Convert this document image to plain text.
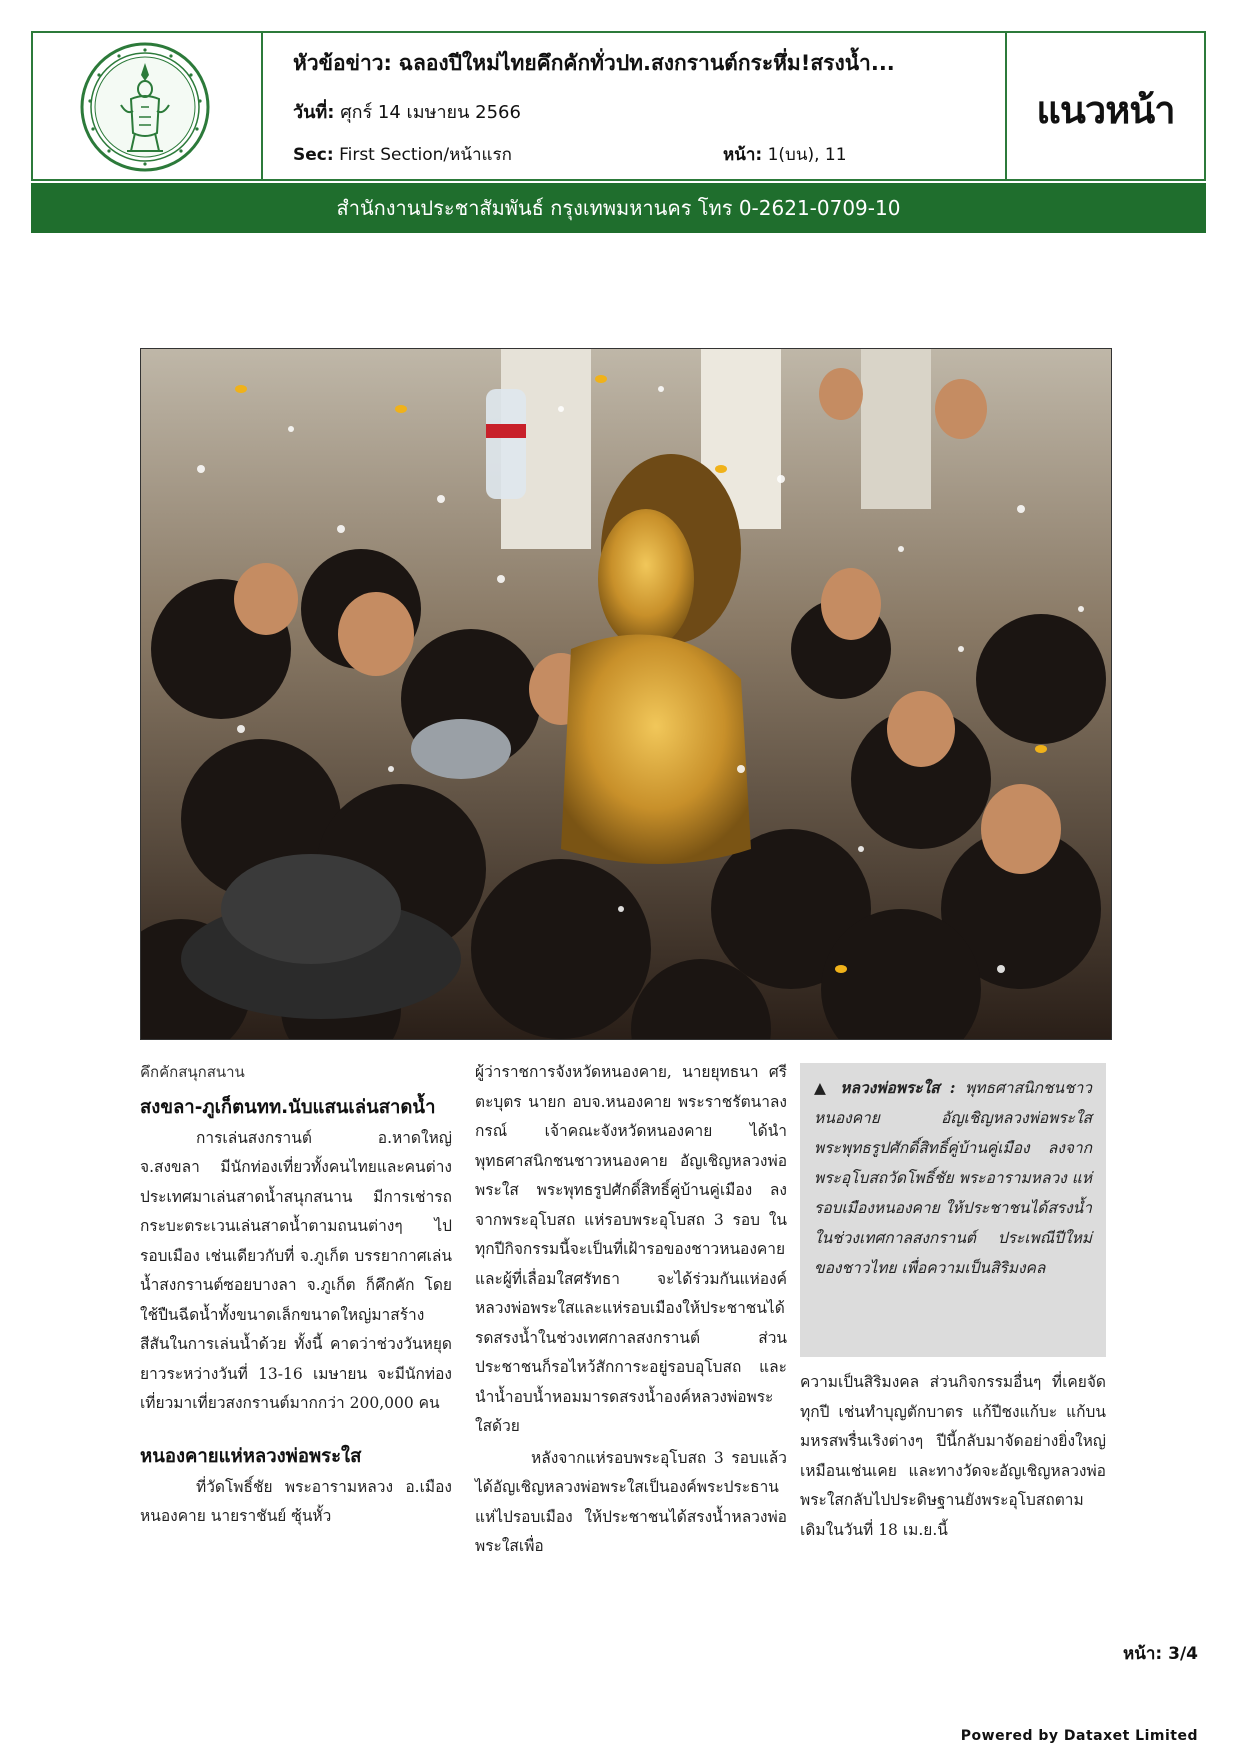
หัวข้อข่าว: ฉลองปีใหม่ไทยคึกคักทั่วปท.สงกรานต์กระหึ่ม!สรงน้ำ...
วันที่: ศุกร์ 14 เมษายน 2566
Sec: First Section/หน้าแรก	หน้า: 1(บน), 11
แนวหน้า
สำนักงานประชาสัมพันธ์ กรุงเทพมหานคร โทร 0-2621-0709-10

คึกคักสนุกสนาน

สงขลา-ภูเก็ตนทท.นับแสนเล่นสาดน้ำ

การเล่นสงกรานต์ อ.หาดใหญ่ จ.สงขลา มีนักท่องเที่ยวทั้งคนไทยและคนต่างประเทศมาเล่นสาดน้ำสนุกสนาน มีการเช่ารถกระบะตระเวนเล่นสาดน้ำตามถนนต่างๆ ไปรอบเมือง เช่นเดียวกับที่ จ.ภูเก็ต บรรยากาศเล่นน้ำสงกรานต์ซอยบางลา จ.ภูเก็ต ก็คึกคัก โดยใช้ปืนฉีดน้ำทั้งขนาดเล็กขนาดใหญ่มาสร้างสีสันในการเล่นน้ำด้วย ทั้งนี้ คาดว่าช่วงวันหยุดยาวระหว่างวันที่ 13-16 เมษายน จะมีนักท่องเที่ยวมาเที่ยวสงกรานต์มากกว่า 200,000 คน

หนองคายแห่หลวงพ่อพระใส

ที่วัดโพธิ์ชัย พระอารามหลวง อ.เมืองหนองคาย นายราชันย์ ซุ้นหั้ว

ผู้ว่าราชการจังหวัดหนองคาย, นายยุทธนา ศรีตะบุตร นายก อบจ.หนองคาย พระราชรัตนาลงกรณ์ เจ้าคณะจังหวัดหนองคาย ได้นำพุทธศาสนิกชนชาวหนองคาย อัญเชิญหลวงพ่อพระใส พระพุทธรูปศักดิ์สิทธิ์คู่บ้านคู่เมือง ลงจากพระอุโบสถ แห่รอบพระอุโบสถ 3 รอบ ในทุกปีกิจกรรมนี้จะเป็นที่เฝ้ารอของชาวหนองคายและผู้ที่เลื่อมใสศรัทธา จะได้ร่วมกันแห่องค์หลวงพ่อพระใสและแห่รอบเมืองให้ประชาชนได้รดสรงน้ำในช่วงเทศกาลสงกรานต์ ส่วนประชาชนก็รอไหว้สักการะอยู่รอบอุโบสถ และนำน้ำอบน้ำหอมมารดสรงน้ำองค์หลวงพ่อพระใสด้วย

หลังจากแห่รอบพระอุโบสถ 3 รอบแล้ว ได้อัญเชิญหลวงพ่อพระใสเป็นองค์พระประธานแห่ไปรอบเมือง ให้ประชาชนได้สรงน้ำหลวงพ่อพระใสเพื่อ

▲ หลวงพ่อพระใส : พุทธศาสนิกชนชาวหนองคาย อัญเชิญหลวงพ่อพระใส พระพุทธรูปศักดิ์สิทธิ์คู่บ้านคู่เมือง ลงจากพระอุโบสถวัดโพธิ์ชัย พระอารามหลวง แห่รอบเมืองหนองคาย ให้ประชาชนได้สรงน้ำในช่วงเทศกาลสงกรานต์ ประเพณีปีใหม่ของชาวไทย เพื่อความเป็นสิริมงคล

ความเป็นสิริมงคล ส่วนกิจกรรมอื่นๆ ที่เคยจัดทุกปี เช่นทำบุญตักบาตร แก้ปีชงแก้บะ แก้บน มหรสพรื่นเริงต่างๆ ปีนี้กลับมาจัดอย่างยิ่งใหญ่เหมือนเช่นเคย และทางวัดจะอัญเชิญหลวงพ่อพระใสกลับไปประดิษฐานยังพระอุโบสถตามเดิมในวันที่ 18 เม.ย.นี้

หน้า: 3/4
Powered by Dataxet Limited
